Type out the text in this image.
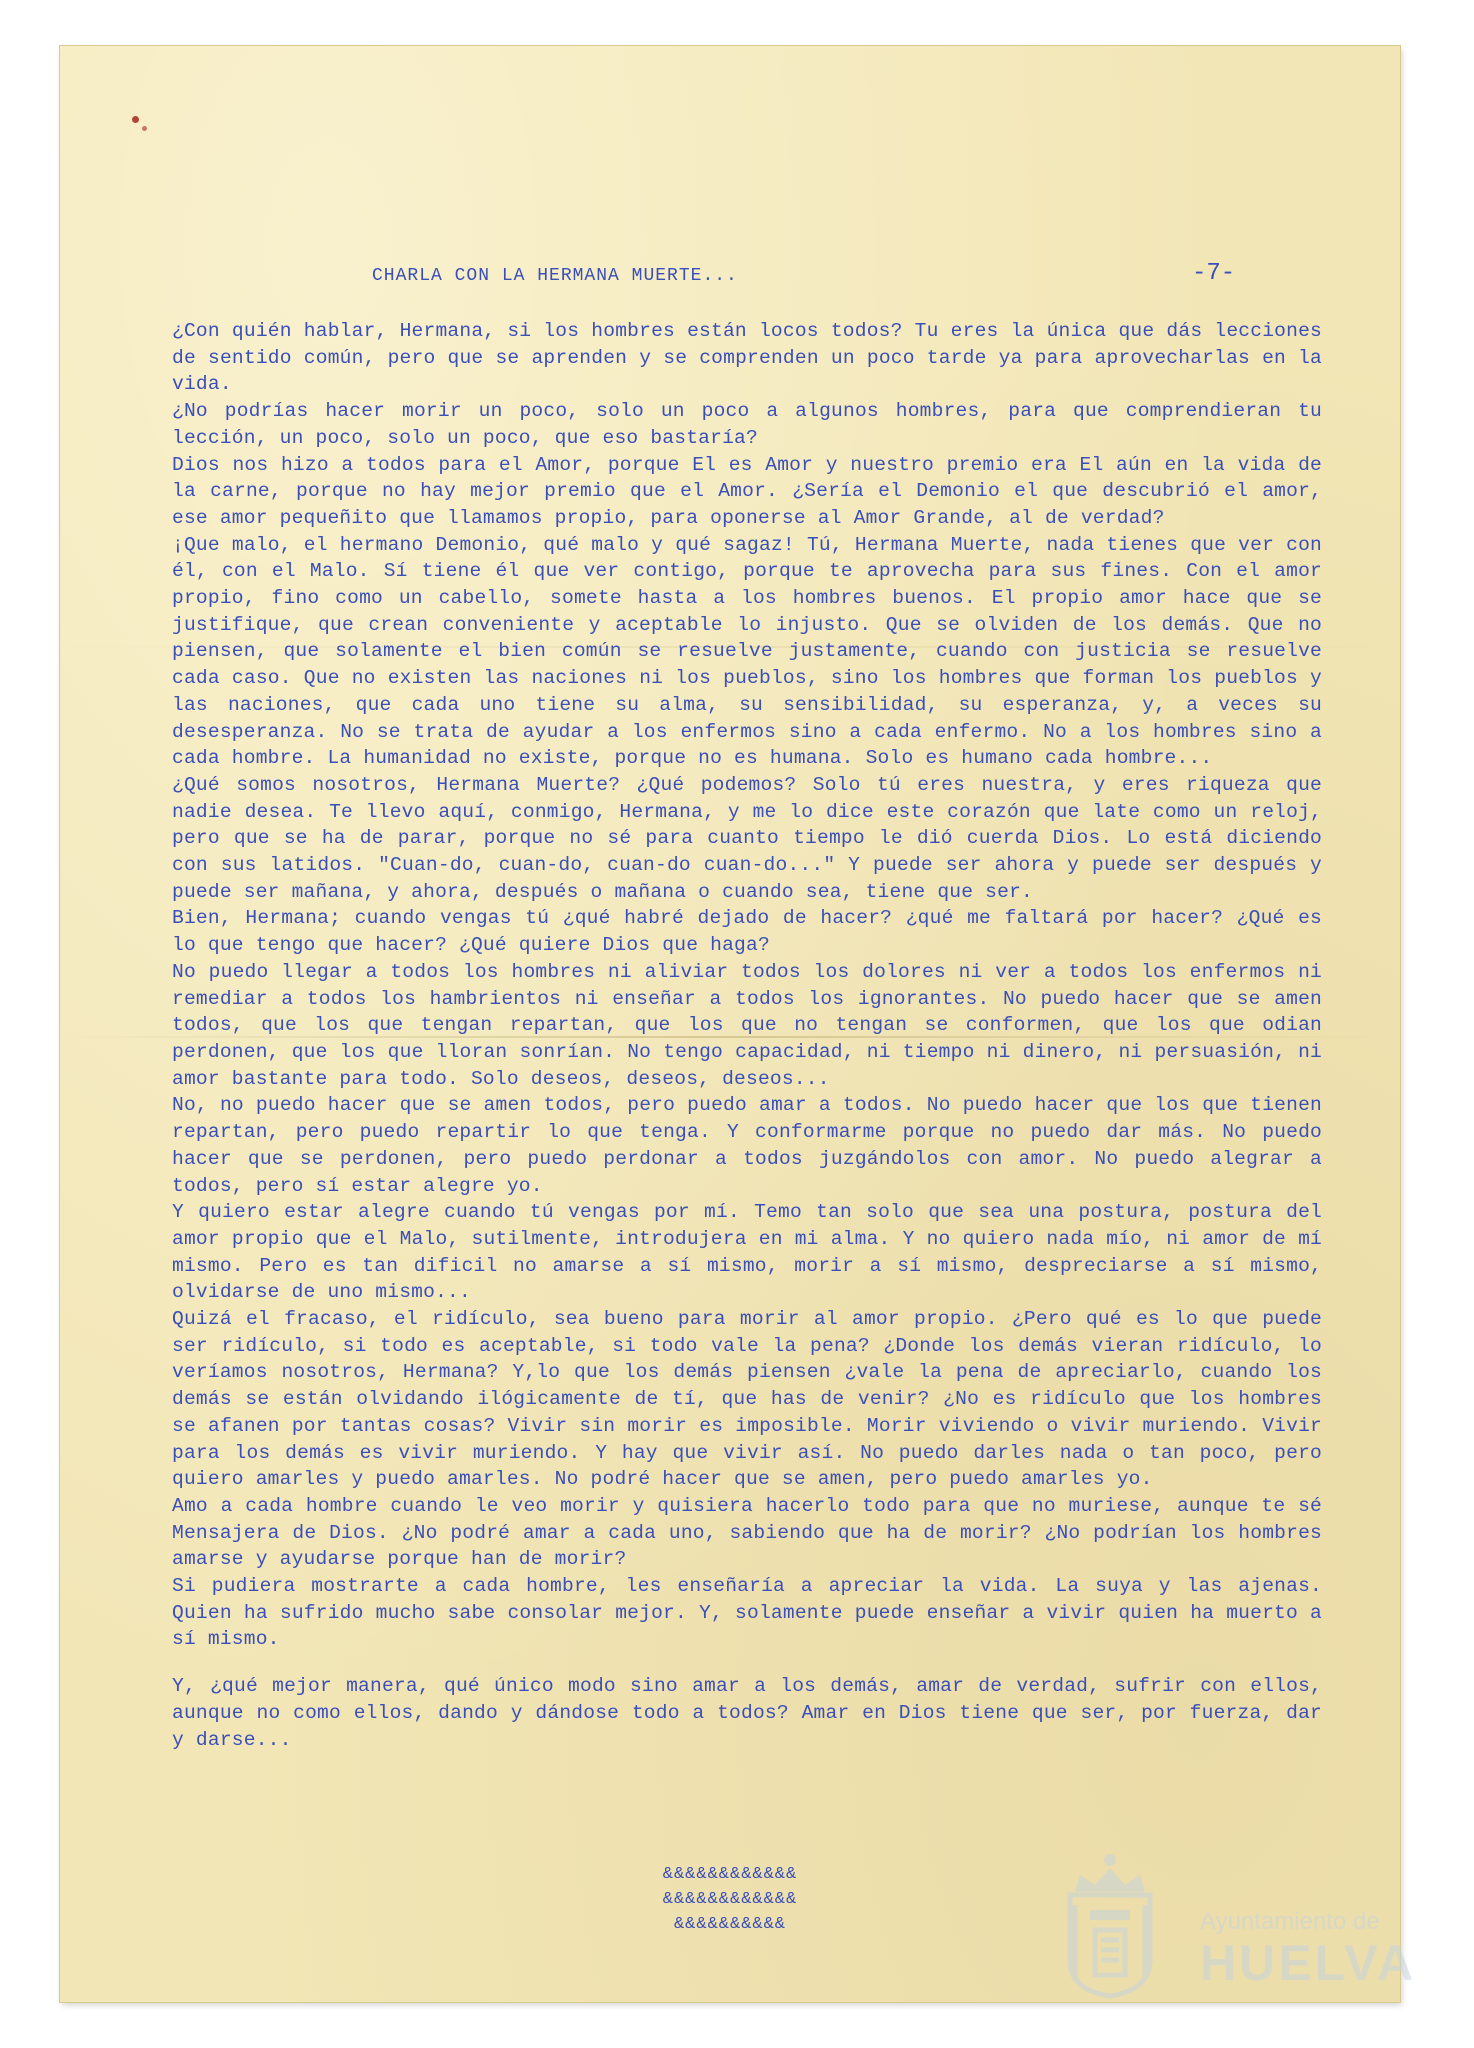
CHARLA CON LA HERMANA MUERTE...	-7-

¿Con quién hablar, Hermana, si los hombres están locos todos? Tu eres la única que dás lecciones de sentido común, pero que se aprenden y se comprenden un poco tarde ya para aprovecharlas en la vida.

¿No podrías hacer morir un poco, solo un poco a algunos hombres, para que comprendieran tu lección, un poco, solo un poco, que eso bastaría?

Dios nos hizo a todos para el Amor, porque El es Amor y nuestro premio era El aún en la vida de la carne, porque no hay mejor premio que el Amor. ¿Sería el Demonio el que descubrió el amor, ese amor pequeñito que llamamos propio, para oponerse al Amor Grande, al de verdad?

¡Que malo, el hermano Demonio, qué malo y qué sagaz! Tú, Hermana Muerte, nada tienes que ver con él, con el Malo. Sí tiene él que ver contigo, porque te aprovecha para sus fines. Con el amor propio, fino como un cabello, somete hasta a los hombres buenos. El propio amor hace que se justifique, que crean conveniente y aceptable lo injusto. Que se olviden de los demás. Que no piensen, que solamente el bien común se resuelve justamente, cuando con justicia se resuelve cada caso. Que no existen las naciones ni los pueblos, sino los hombres que forman los pueblos y las naciones, que cada uno tiene su alma, su sensibilidad, su esperanza, y, a veces su desesperanza. No se trata de ayudar a los enfermos sino a cada enfermo. No a los hombres sino a cada hombre. La humanidad no existe, porque no es humana. Solo es humano cada hombre...

¿Qué somos nosotros, Hermana Muerte? ¿Qué podemos? Solo tú eres nuestra, y eres riqueza que nadie desea. Te llevo aquí, conmigo, Hermana, y me lo dice este corazón que late como un reloj, pero que se ha de parar, porque no sé para cuanto tiempo le dió cuerda Dios. Lo está diciendo con sus latidos. "Cuan-do, cuan-do, cuan-do cuan-do..." Y puede ser ahora y puede ser después y puede ser mañana, y ahora, después o mañana o cuando sea, tiene que ser.

Bien, Hermana; cuando vengas tú ¿qué habré dejado de hacer? ¿qué me faltará por hacer? ¿Qué es lo que tengo que hacer? ¿Qué quiere Dios que haga?

No puedo llegar a todos los hombres ni aliviar todos los dolores ni ver a todos los enfermos ni remediar a todos los hambrientos ni enseñar a todos los ignorantes. No puedo hacer que se amen todos, que los que tengan repartan, que los que no tengan se conformen, que los que odian perdonen, que los que lloran sonrían. No tengo capacidad, ni tiempo ni dinero, ni persuasión, ni amor bastante para todo. Solo deseos, deseos, deseos...

No, no puedo hacer que se amen todos, pero puedo amar a todos. No puedo hacer que los que tienen repartan, pero puedo repartir lo que tenga. Y conformarme porque no puedo dar más. No puedo hacer que se perdonen, pero puedo perdonar a todos juzgándolos con amor. No puedo alegrar a todos, pero sí estar alegre yo.

Y quiero estar alegre cuando tú vengas por mí. Temo tan solo que sea una postura, postura del amor propio que el Malo, sutilmente, introdujera en mi alma. Y no quiero nada mío, ni amor de mí mismo. Pero es tan dificil no amarse a sí mismo, morir a sí mismo, despreciarse a sí mismo, olvidarse de uno mismo...

Quizá el fracaso, el ridículo, sea bueno para morir al amor propio. ¿Pero qué es lo que puede ser ridículo, si todo es aceptable, si todo vale la pena? ¿Donde los demás vieran ridículo, lo veríamos nosotros, Hermana? Y,lo que los demás piensen ¿vale la pena de apreciarlo, cuando los demás se están olvidando ilógicamente de tí, que has de venir? ¿No es ridículo que los hombres se afanen por tantas cosas? Vivir sin morir es imposible. Morir viviendo o vivir muriendo. Vivir para los demás es vivir muriendo. Y hay que vivir así. No puedo darles nada o tan poco, pero quiero amarles y puedo amarles. No podré hacer que se amen, pero puedo amarles yo.

Amo a cada hombre cuando le veo morir y quisiera hacerlo todo para que no muriese, aunque te sé Mensajera de Dios. ¿No podré amar a cada uno, sabiendo que ha de morir? ¿No podrían los hombres amarse y ayudarse porque han de morir?

Si pudiera mostrarte a cada hombre, les enseñaría a apreciar la vida. La suya y las ajenas. Quien ha sufrido mucho sabe consolar mejor. Y, solamente puede enseñar a vivir quien ha muerto a sí mismo.

Y, ¿qué mejor manera, qué único modo sino amar a los demás, amar de verdad, sufrir con ellos, aunque no como ellos, dando y dándose todo a todos? Amar en Dios tiene que ser, por fuerza, dar y darse...

&&&&&&&&&&&&
&&&&&&&&&&&&
&&&&&&&&&&	Ayuntamiento de
HUELVA
